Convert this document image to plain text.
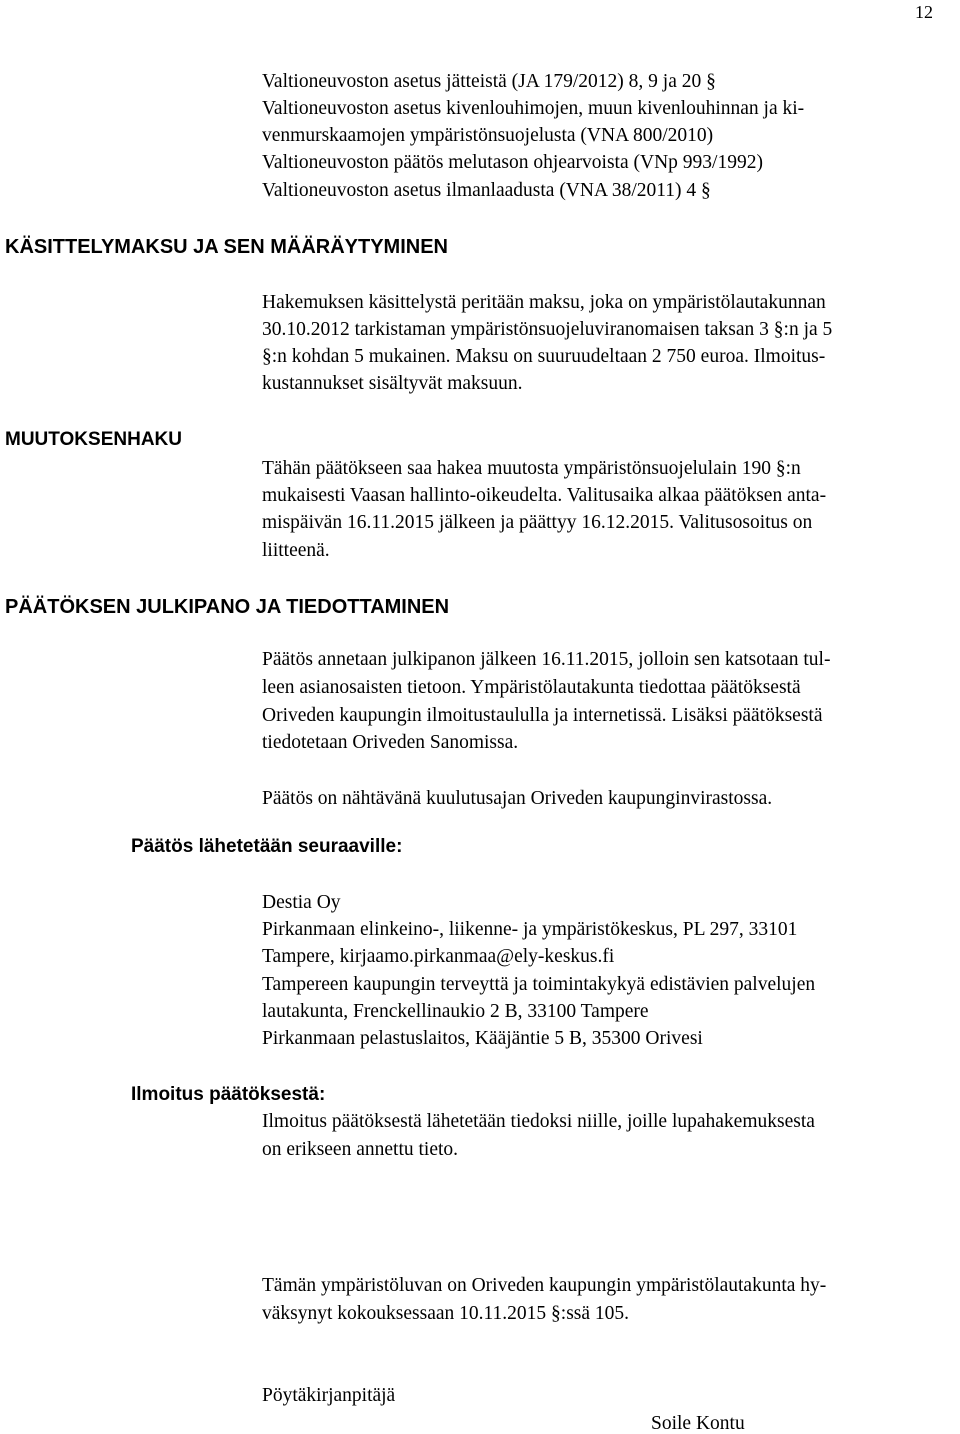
12

Valtioneuvoston asetus jätteistä (JA 179/2012) 8, 9 ja 20 §

Valtioneuvoston asetus kivenlouhimojen, muun kivenlouhinnan ja ki-

venmurskaamojen ympäristönsuojelusta (VNA 800/2010)

Valtioneuvoston päätös melutason ohjearvoista (VNp 993/1992)

Valtioneuvoston asetus ilmanlaadusta (VNA 38/2011) 4 §

KÄSITTELYMAKSU JA SEN MÄÄRÄYTYMINEN

Hakemuksen käsittelystä peritään maksu, joka on ympäristölautakunnan

30.10.2012 tarkistaman ympäristönsuojeluviranomaisen taksan 3 §:n ja 5

§:n kohdan 5 mukainen. Maksu on suuruudeltaan 2 750 euroa. Ilmoitus-

kustannukset sisältyvät maksuun.

MUUTOKSENHAKU

Tähän päätökseen saa hakea muutosta ympäristönsuojelulain 190 §:n

mukaisesti Vaasan hallinto-oikeudelta. Valitusaika alkaa päätöksen anta-

mispäivän 16.11.2015 jälkeen ja päättyy 16.12.2015. Valitusosoitus on

liitteenä.

PÄÄTÖKSEN JULKIPANO JA TIEDOTTAMINEN

Päätös annetaan julkipanon jälkeen 16.11.2015, jolloin sen katsotaan tul-

leen asianosaisten tietoon. Ympäristölautakunta tiedottaa päätöksestä

Oriveden kaupungin ilmoitustaululla ja internetissä. Lisäksi päätöksestä

tiedotetaan Oriveden Sanomissa.

Päätös on nähtävänä kuulutusajan Oriveden kaupunginvirastossa.

Päätös lähetetään seuraaville:

Destia Oy

Pirkanmaan elinkeino-, liikenne- ja ympäristökeskus, PL 297, 33101

Tampere, kirjaamo.pirkanmaa@ely-keskus.fi

Tampereen kaupungin terveyttä ja toimintakykyä edistävien palvelujen

lautakunta, Frenckellinaukio 2 B, 33100 Tampere

Pirkanmaan pelastuslaitos, Kääjäntie 5 B, 35300 Orivesi

Ilmoitus päätöksestä:

Ilmoitus päätöksestä lähetetään tiedoksi niille, joille lupahakemuksesta

on erikseen annettu tieto.

Tämän ympäristöluvan on Oriveden kaupungin ympäristölautakunta hy-

väksynyt kokouksessaan 10.11.2015 §:ssä 105.

Pöytäkirjanpitäjä

Soile Kontu
